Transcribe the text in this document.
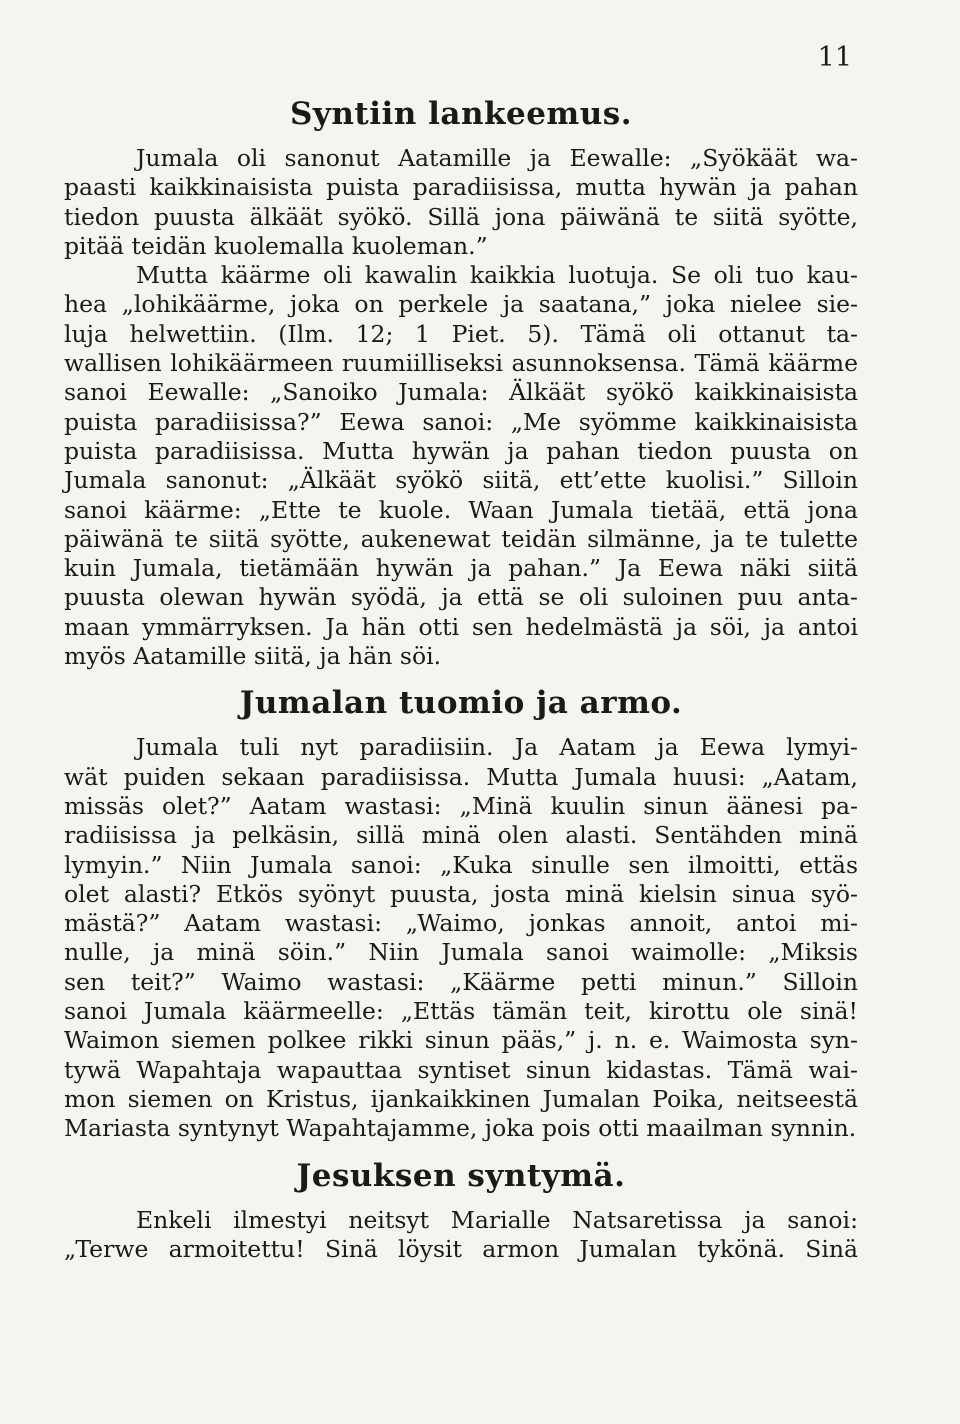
11
Syntiin lankeemus.

Jumala oli sanonut Aatamille ja Eewalle: „Syökäät wa-

paasti kaikkinaisista puista paradiisissa, mutta hywän ja pahan

tiedon puusta älkäät syökö. Sillä jona päiwänä te siitä syötte,

pitää teidän kuolemalla kuoleman.”

Mutta käärme oli kawalin kaikkia luotuja. Se oli tuo kau-

hea „lohikäärme, joka on perkele ja saatana,” joka nielee sie-

luja helwettiin. (Ilm. 12; 1 Piet. 5). Tämä oli ottanut ta-

wallisen lohikäärmeen ruumiilliseksi asunnoksensa. Tämä käärme

sanoi Eewalle: „Sanoiko Jumala: Älkäät syökö kaikkinaisista

puista paradiisissa?” Eewa sanoi: „Me syömme kaikkinaisista

puista paradiisissa. Mutta hywän ja pahan tiedon puusta on

Jumala sanonut: „Älkäät syökö siitä, ett’ette kuolisi.” Silloin

sanoi käärme: „Ette te kuole. Waan Jumala tietää, että jona

päiwänä te siitä syötte, aukenewat teidän silmänne, ja te tulette

kuin Jumala, tietämään hywän ja pahan.” Ja Eewa näki siitä

puusta olewan hywän syödä, ja että se oli suloinen puu anta-

maan ymmärryksen. Ja hän otti sen hedelmästä ja söi, ja antoi

myös Aatamille siitä, ja hän söi.

Jumalan tuomio ja armo.

Jumala tuli nyt paradiisiin. Ja Aatam ja Eewa lymyi-

wät puiden sekaan paradiisissa. Mutta Jumala huusi: „Aatam,

missäs olet?” Aatam wastasi: „Minä kuulin sinun äänesi pa-

radiisissa ja pelkäsin, sillä minä olen alasti. Sentähden minä

lymyin.” Niin Jumala sanoi: „Kuka sinulle sen ilmoitti, ettäs

olet alasti? Etkös syönyt puusta, josta minä kielsin sinua syö-

mästä?” Aatam wastasi: „Waimo, jonkas annoit, antoi mi-

nulle, ja minä söin.” Niin Jumala sanoi waimolle: „Miksis

sen teit?” Waimo wastasi: „Käärme petti minun.” Silloin

sanoi Jumala käärmeelle: „Ettäs tämän teit, kirottu ole sinä!

Waimon siemen polkee rikki sinun pääs,” j. n. e. Waimosta syn-

tywä Wapahtaja wapauttaa syntiset sinun kidastas. Tämä wai-

mon siemen on Kristus, ijankaikkinen Jumalan Poika, neitseestä

Mariasta syntynyt Wapahtajamme, joka pois otti maailman synnin.

Jesuksen syntymä.

Enkeli ilmestyi neitsyt Marialle Natsaretissa ja sanoi:

„Terwe armoitettu! Sinä löysit armon Jumalan tykönä. Sinä
